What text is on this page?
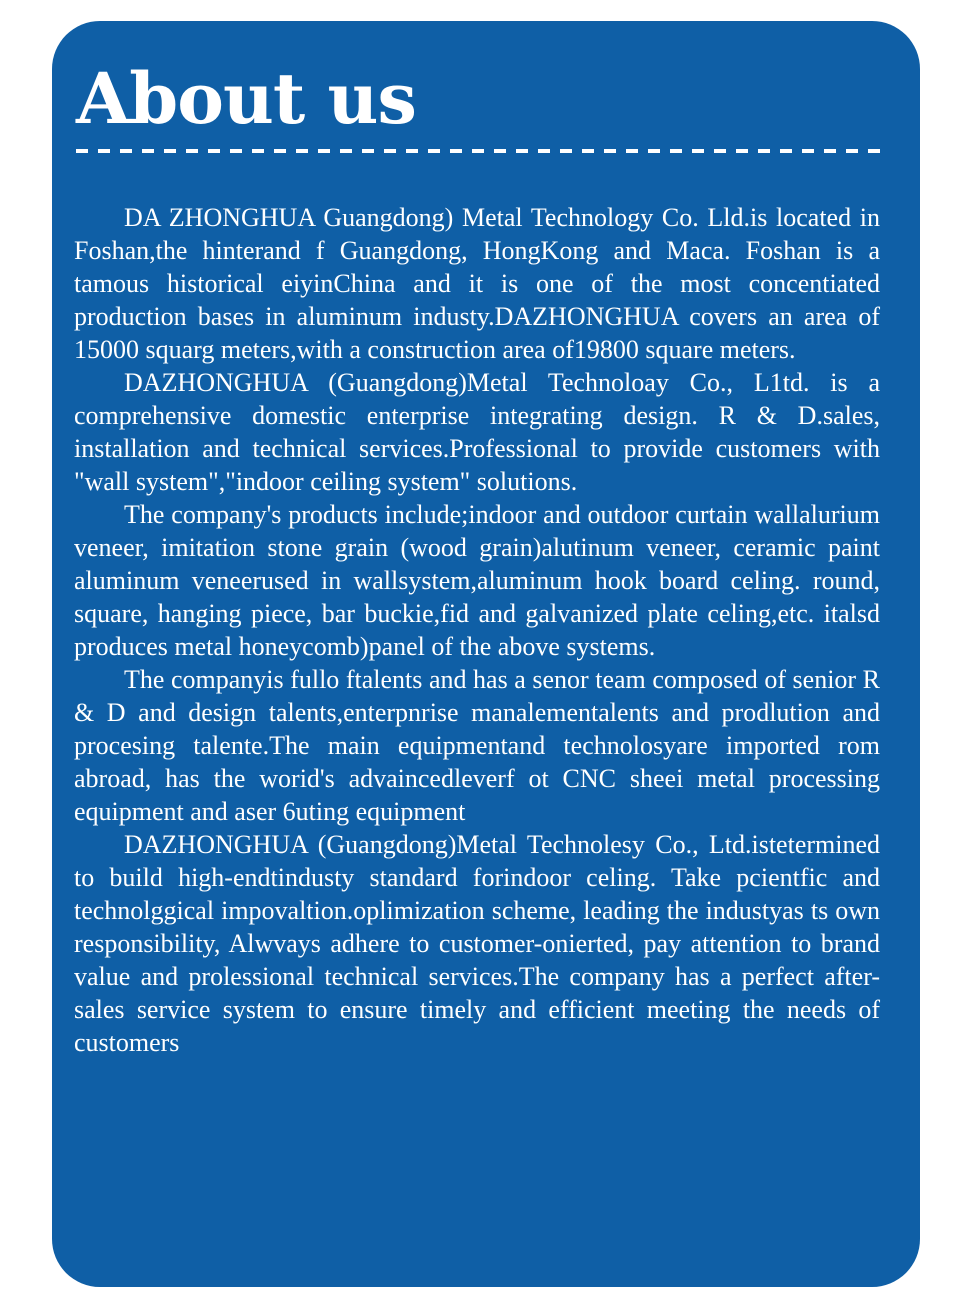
About us

DA ZHONGHUA Guangdong) Metal Technology Co. Lld.is located in Foshan,the hinterand f Guangdong, HongKong and Maca. Foshan is a tamous historical eiyinChina and it is one of the most concentiated production bases in aluminum industy.DAZHONGHUA covers an area of 15000 squarg meters,with a construction area of19800 square meters.

DAZHONGHUA (Guangdong)Metal Technoloay Co., L1td. is a comprehensive domestic enterprise integrating design. R & D.sales, installation and technical services.Professional to provide customers with "wall system","indoor ceiling system" solutions.

The company's products include;indoor and outdoor curtain wallalurium veneer, imitation stone grain (wood grain)alutinum veneer, ceramic paint aluminum veneerused in wallsystem,aluminum hook board celing. round, square, hanging piece, bar buckie,fid and galvanized plate celing,etc. italsd produces metal honeycomb)panel of the above systems.

The companyis fullo ftalents and has a senor team composed of senior R & D and design talents,enterpnrise manalementalents and prodlution and procesing talente.The main equipmentand technolosyare imported rom abroad, has the worid's advaincedleverf ot CNC sheei metal processing equipment and aser 6uting equipment

DAZHONGHUA (Guangdong)Metal Technolesy Co., Ltd.istetermined to build high-endtindusty standard forindoor celing. Take pcientfic and technolggical impovaltion.oplimization scheme, leading the industyas ts own responsibility, Alwvays adhere to customer-onierted, pay attention to brand value and prolessional technical services.The company has a perfect after-sales service system to ensure timely and efficient meeting the needs of customers
